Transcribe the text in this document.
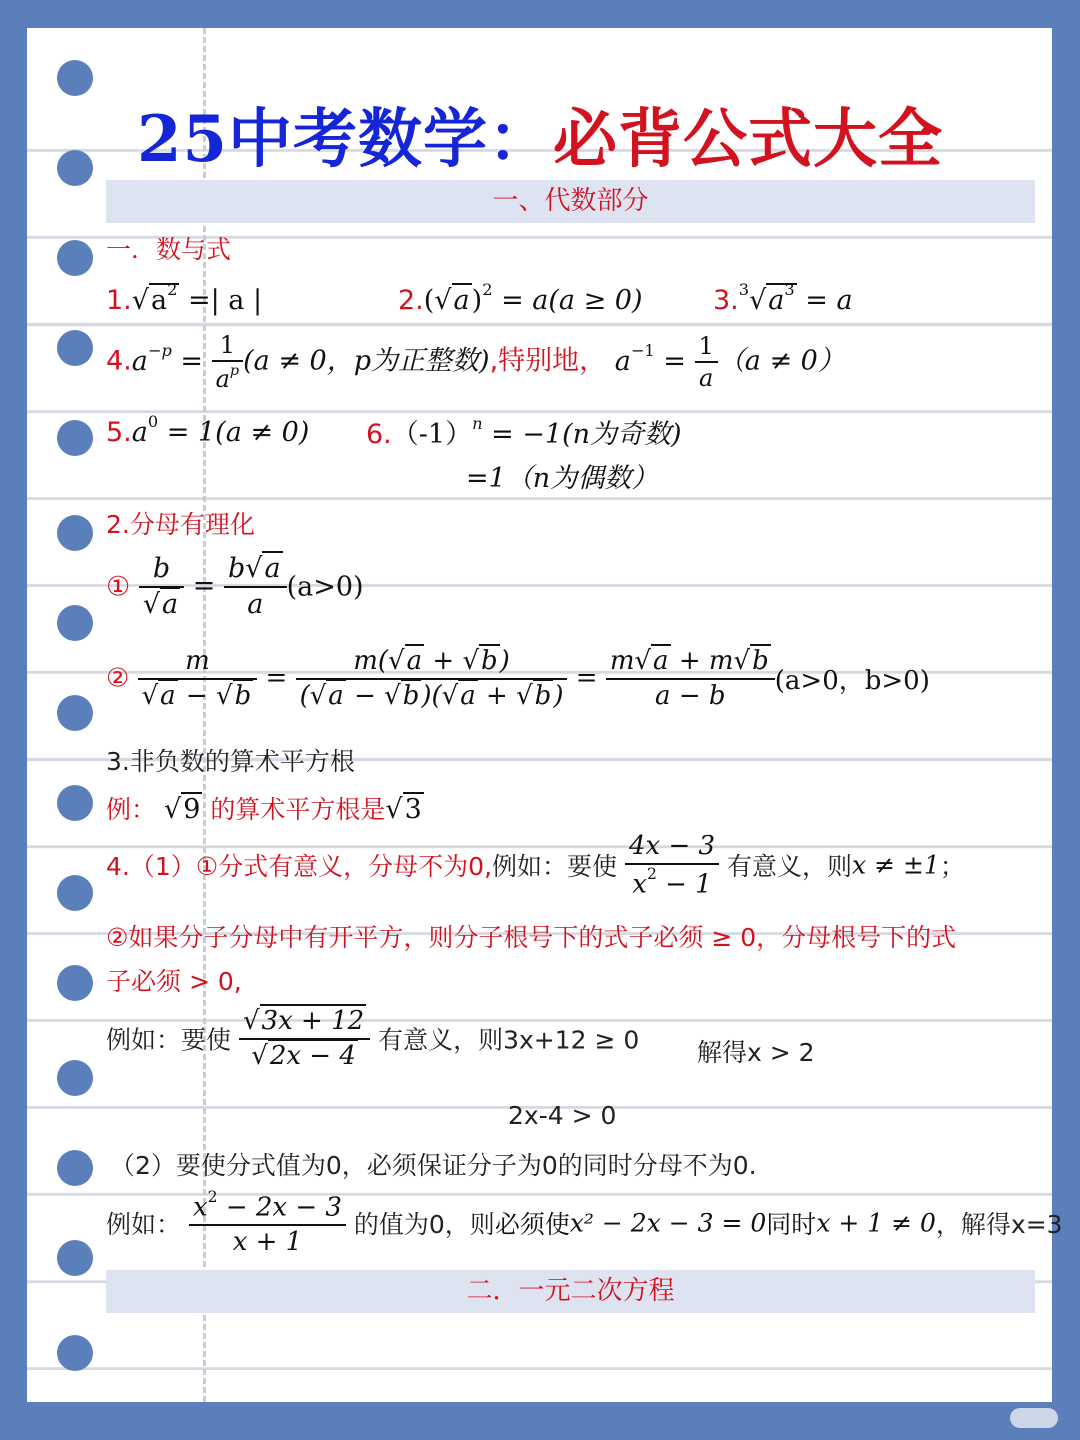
25中考数学：必背公式大全
一、代数部分
一．数与式
$1.√a^2$ =| a |	$2.(√a)^2 = a(a \ge 0)$	$3.^3√a^3 = a$
$4.a^{-p} = \frac{1}{a^p} (a \ne 0$，p为正整数),特别地， $a^{-1} = \frac{1}{a} (a \ne 0)$
$5.a^0 = 1(a \ne 0) 6.(-1)^n = -1(n$为奇数)
=1（n为偶数）
2.分母有理化
① $\frac{b}{√a} = \frac{b√a}{a} (a>0)$
② $\frac{m}{√a - √b} = \frac{m(√a + √b)}{(√a - √b)(√a + √b)} = \frac{m√a + m√b}{a - b} (a>0$，b>0)
3.非负数的算术平方根
例： √9 的算术平方根是√3
4.（1）①分式有意义，分母不为0,例如：要使 $\frac{4x - 3}{x^2 - 1}$ 有意义，则x ≠ ±1；
②如果分子分母中有开平方，则分子根号下的式子必须 ≥ 0，分母根号下的式
子必须 > 0,
例如：要使 $\frac{√3x + 12}{√2x - 4}$ 有意义，则3x+12 ≥ 0 解得x > 2
2x-4 > 0
（2）要使分式值为0，必须保证分子为0的同时分母不为0.
例如： $\frac{x^2 - 2x - 3}{x + 1}$ 的值为0，则必须使x² − 2x − 3 = 0同时x + 1 ≠ 0，解得x=3
二．一元二次方程
